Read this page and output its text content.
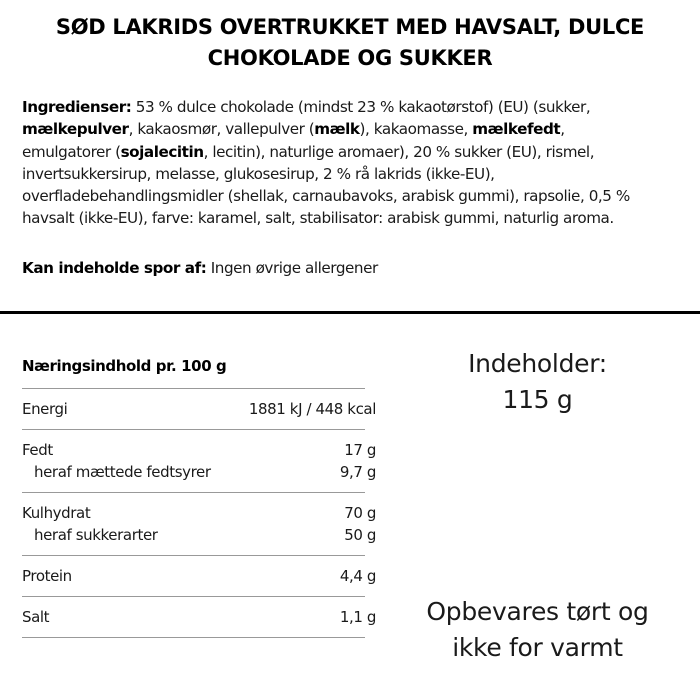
SØD LAKRIDS OVERTRUKKET MED HAVSALT, DULCE
CHOKOLADE OG SUKKER
Ingredienser: 53 % dulce chokolade (mindst 23 % kakaotørstof) (EU) (sukker,
mælkepulver, kakaosmør, vallepulver (mælk), kakaomasse, mælkefedt,
emulgatorer (sojalecitin, lecitin), naturlige aromaer), 20 % sukker (EU), rismel,
invertsukkersirup, melasse, glukosesirup, 2 % rå lakrids (ikke-EU),
overfladebehandlingsmidler (shellak, carnaubavoks, arabisk gummi), rapsolie, 0,5 %
havsalt (ikke-EU), farve: karamel, salt, stabilisator: arabisk gummi, naturlig aroma.
Kan indeholde spor af: Ingen øvrige allergener
Næringsindhold pr. 100 g
Energi	1881 kJ / 448 kcal
Fedt	17 g
heraf mættede fedtsyrer	9,7 g
Kulhydrat	70 g
heraf sukkerarter	50 g
Protein	4,4 g
Salt	1,1 g
Indeholder:
115 g
Opbevares tørt og
ikke for varmt
